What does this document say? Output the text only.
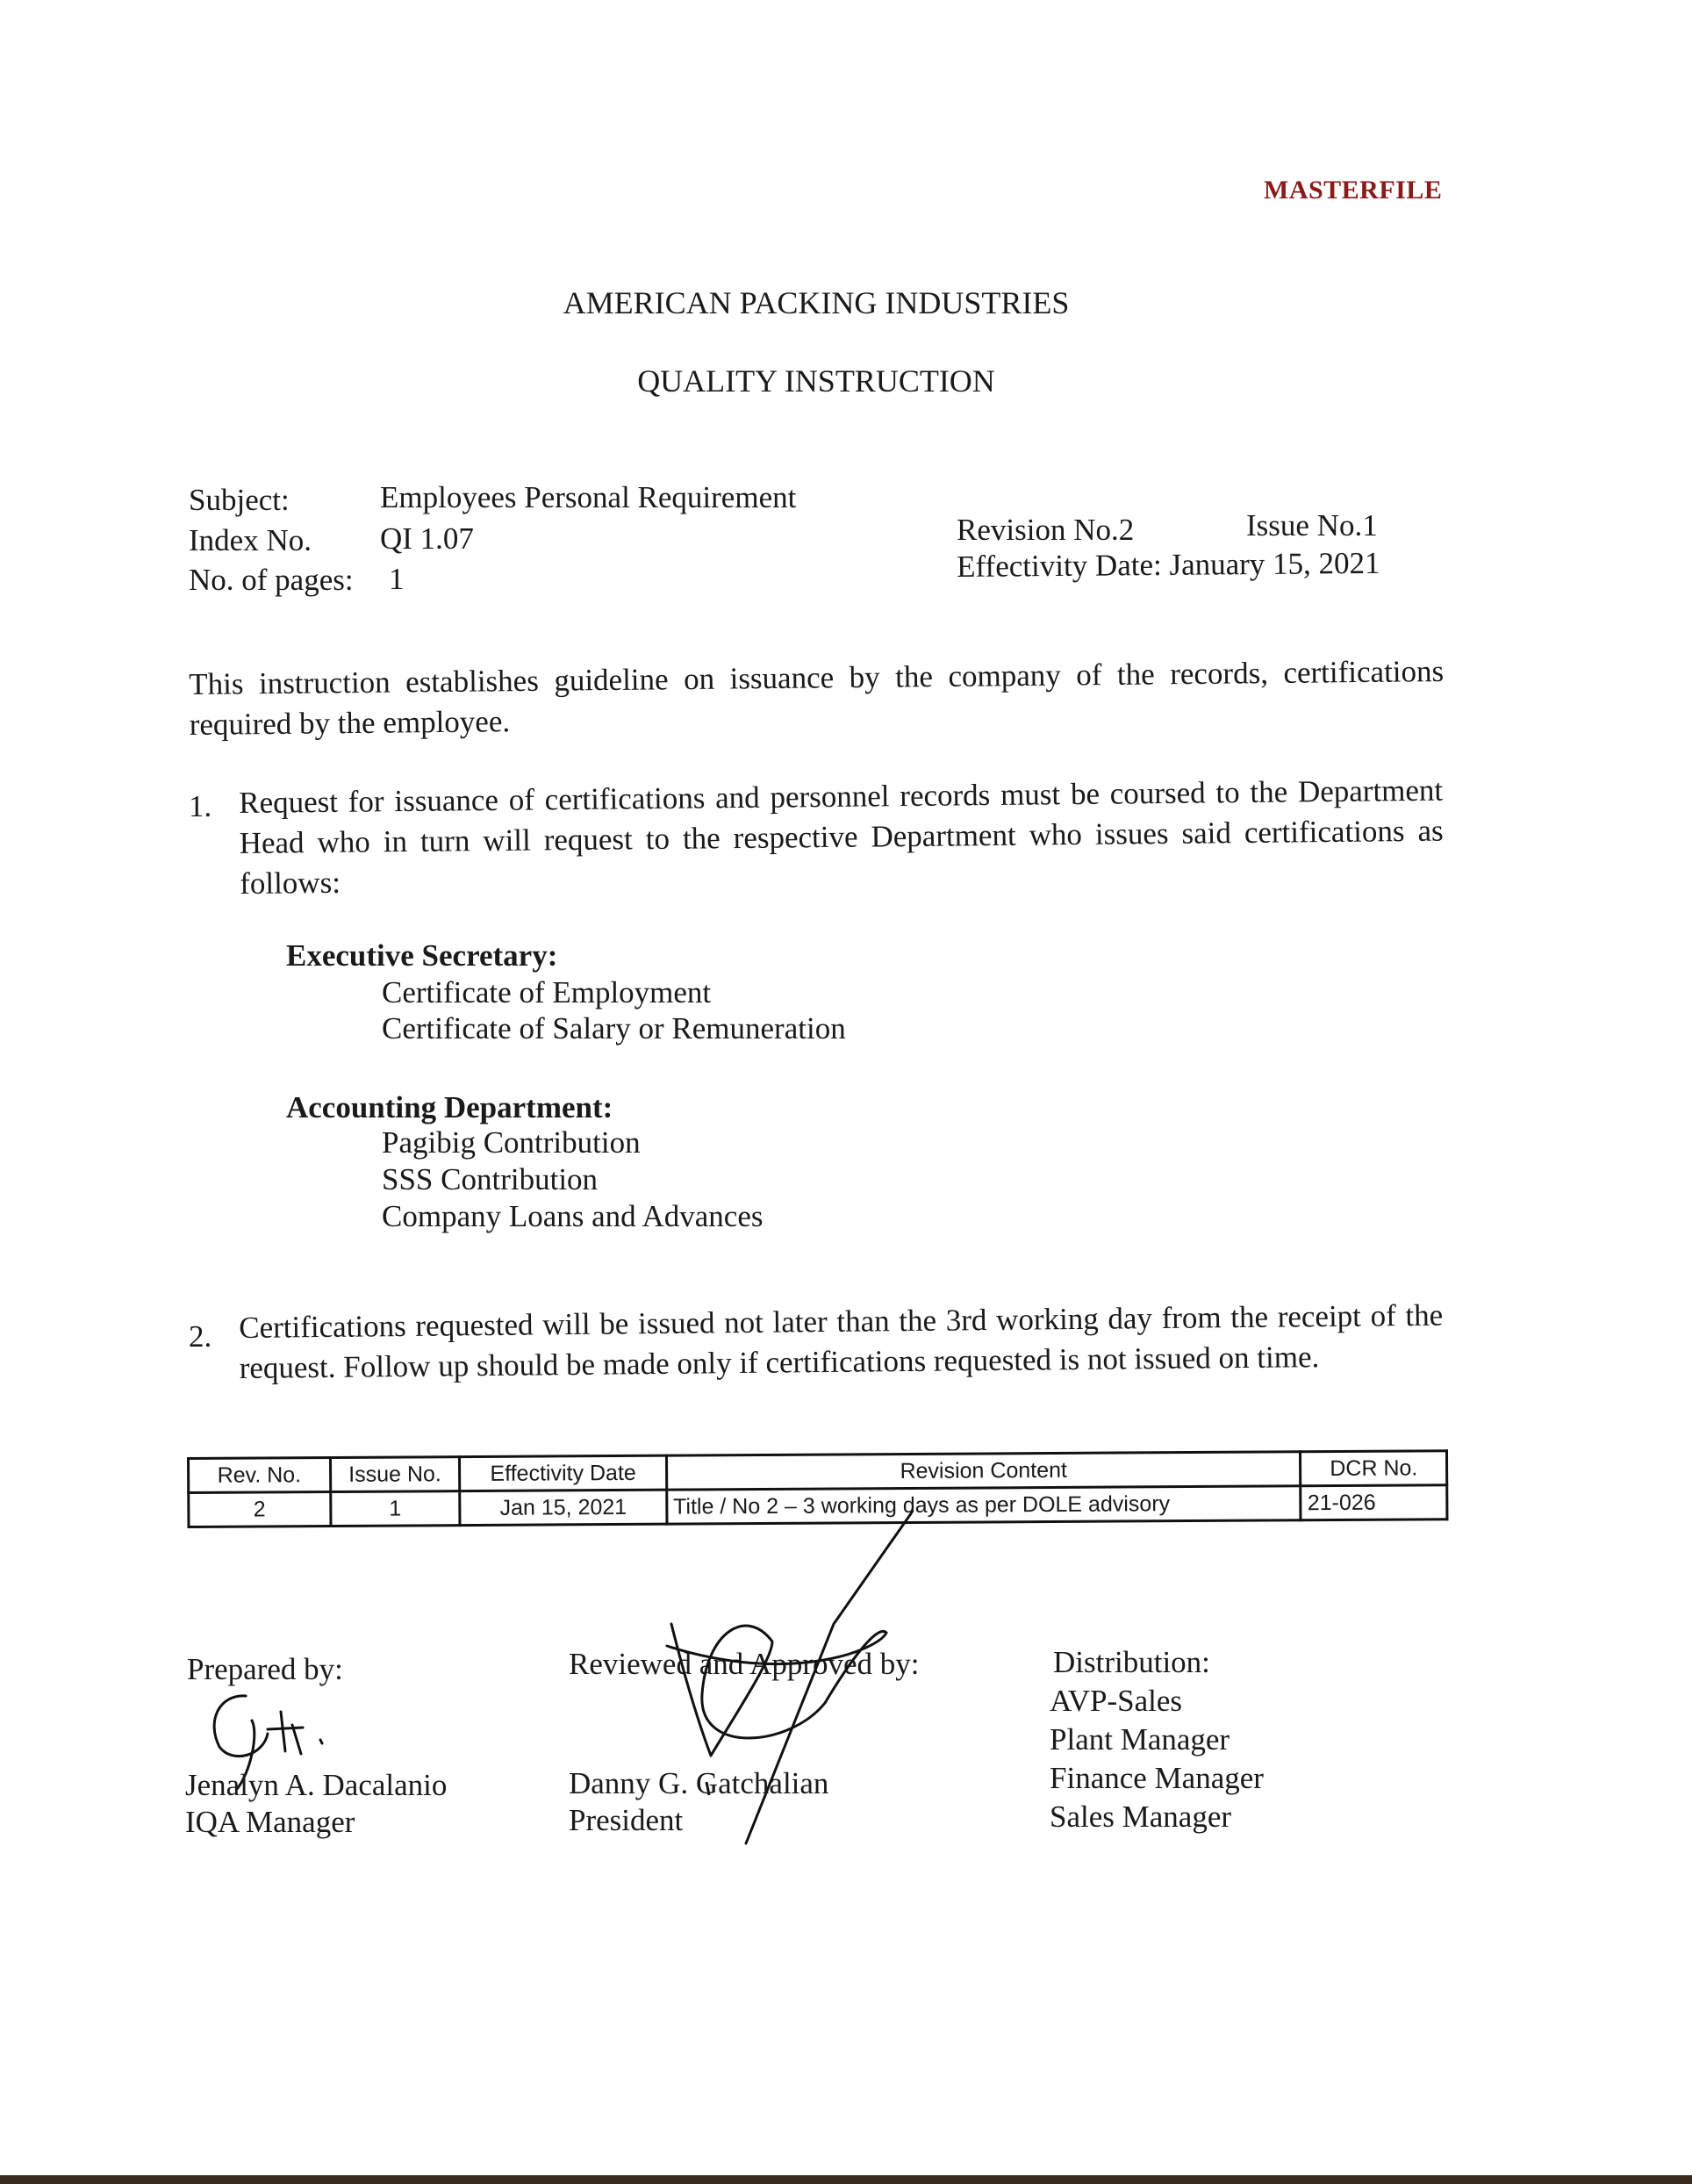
MASTERFILE
AMERICAN PACKING INDUSTRIES
QUALITY INSTRUCTION
Subject:	Employees Personal Requirement
Index No. QI 1.07
No. of pages: 1
Revision No.2	Issue No.1
Effectivity Date: January 15, 2021
This instruction establishes guideline on issuance by the company of the records, certifications required by the employee.
1. Request for issuance of certifications and personnel records must be coursed to the Department Head who in turn will request to the respective Department who issues said certifications as follows:
Executive Secretary:
Certificate of Employment
Certificate of Salary or Remuneration
Accounting Department:
Pagibig Contribution
SSS Contribution
Company Loans and Advances
2. Certifications requested will be issued not later than the 3rd working day from the receipt of the request. Follow up should be made only if certifications requested is not issued on time.
Rev. No.	Issue No.	Effectivity Date	Revision Content	DCR No.
2	1	Jan 15, 2021	Title / No 2 – 3 working days as per DOLE advisory	21-026
Prepared by:
Jenalyn A. Dacalanio
IQA Manager
Reviewed and Approved by:
Danny G. Gatchalian
President
Distribution:
AVP-Sales
Plant Manager
Finance Manager
Sales Manager
